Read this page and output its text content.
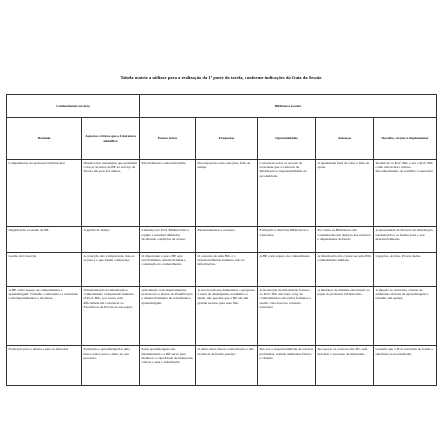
Tabela matriz a utilizar para a realização da 1ª parte da tarefa, conforme indicações do Guia da Sessão
Conhecimento na área		Biblioteca escolar				
Domínio	Aspectos críticos que a Literatura identifica	Pontos fortes	Fraquezas	Oportunidades	Ameaças	Desafios, Acções a implementar
Competências do professor bibliotecário	Desenvolver estratégias que permitam colocar recursos da BE ao serviço da Escola em prol dos alunos.	Envolvimento e interactividade.	Preocupações com colecções, falta de tempo.	Convencer todos os actores da sociedade que a Literacia da Informação é responsabilidade da escolaridade.	A quantidade falta de valor e falta de apoio.	Incentivar os Prof. Bib. a ver o Prof. Bib. como um recurso valioso. Reconhecimento do trabalho cooperativo
Organização e Gestão da BE	A gestão de tempo	Liderança do Prof. Bibliotecário e equipa e standard definidos facultando condições de acesso	Financiamentos e recursos	Formação a nível das Bibliotecas e Literacias.	Por vezes as Bibliotecas são consideradas um despejo dos recursos e dependentes de fundo	A necessidade de literacia da informação, estabelecida e os fundos para o seu desenvolvimento.
Gestão da Colecção	A colecção não é importante, mas as acções e o que fazem a diferença	O importante é que a BE seja envolvimento, interactividade e construção do conhecimento	O conceito de uma Bib. é o desenvolvimento humano, não só informações.	A BE é um espaço de conhecimento	A informação não é pode ser uma Bib. conhecimento humano	Ligações, Acções, Provas dadas.
A BE como espaço de conhecimento e aprendizagem: Trabalho colaborativo e articulado com Departamentos e docentes.	Transformação da informação e conhecimento compreendo humano. O Prof. Bib., por vezes, tem dificuldade em convencer os Executivos da Escola do seu papel.	Articulação com departamentos, professores e alunos do Planificação e desenvolvimento de actividades e aprendizagem.	A escola tem que demonstrar o progresso a nível de desempenho académico e ainda, não percebe que a BE são um grande recurso para esse fim.	A tecnologia de informação fornece ao Prof. Bib. um vasto conj. de conhecimentos em vários formatos e assim, colocá-los no contexto educativo	A mudança de atitudes em relação ao papel do professor bibliotecário.	A ligação ao currículo, criação de ambientes virtuais de aprendizagem e trabalho em equipa.
Formação para a leitura e para as literacias	Formação e aprendizagem é uma busca activa para o aluno no seu processo.	Estas aprendizagens são fundamentais e a BE serve para melhorar a capacidade de interpretar, criticar e usar a informação	O aluno deve buscar a informação e não recebê-la de forma passiva.	Dar aos a responsabilidade de resolver problemas, criando ambientes físicos e virtuais.	Incorporar os recursos das TIC sem descurar o processo de impressão.	Garantir que o Prof. intervém de forma a satisfazer as necessidades
